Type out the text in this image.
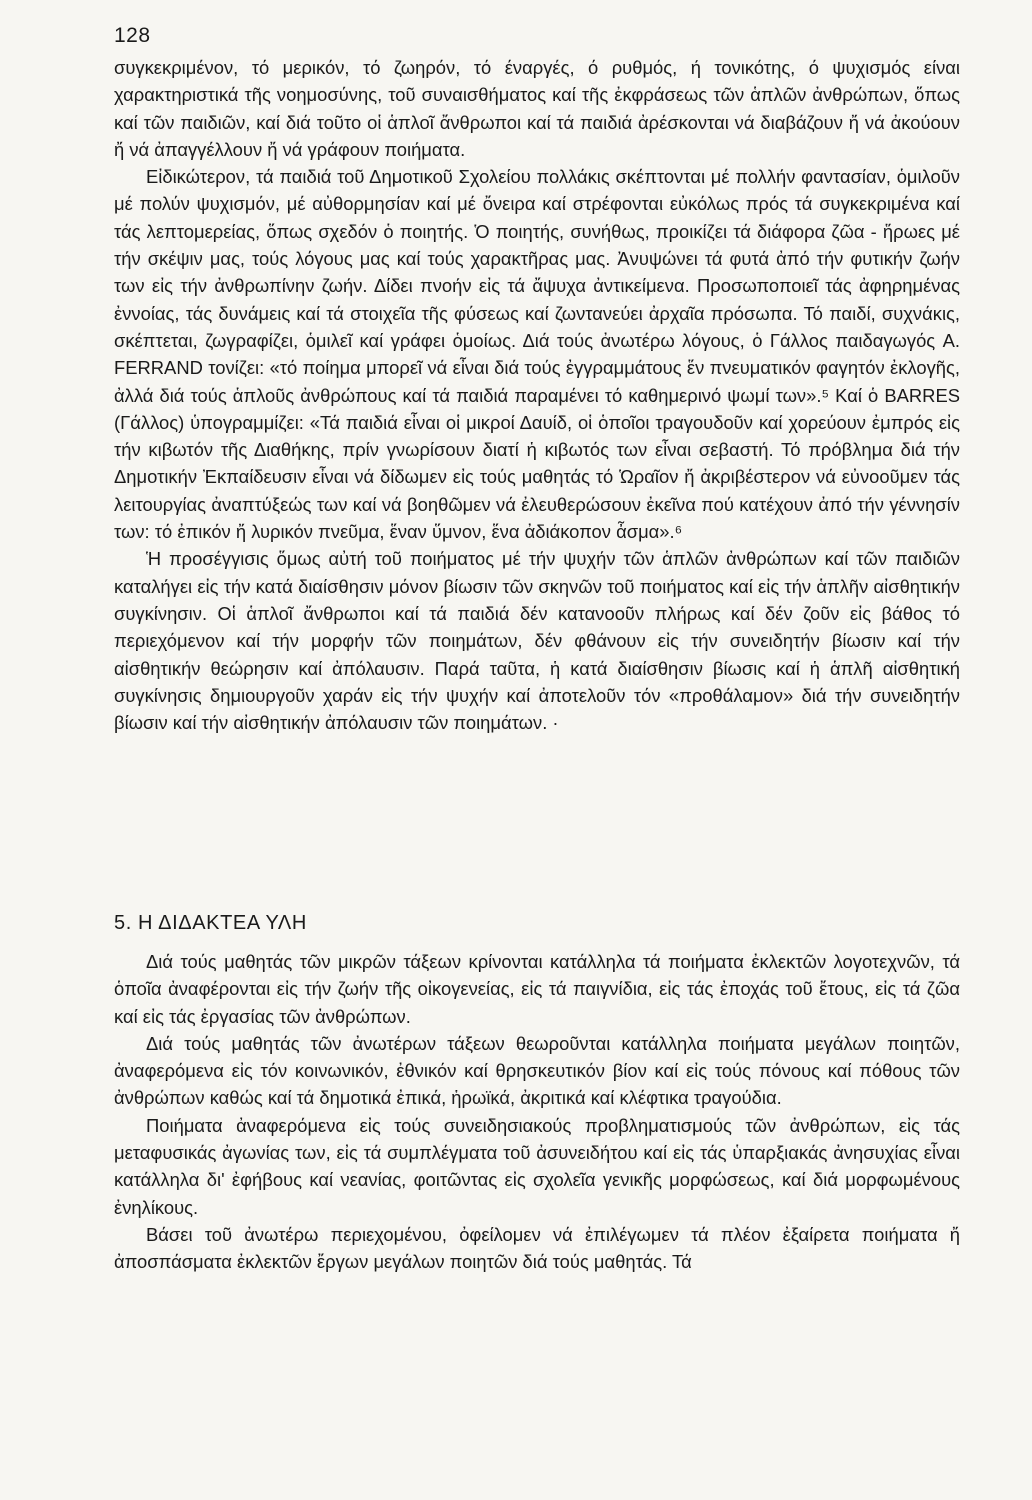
128

συγκεκριμένον, τό μερικόν, τό ζωηρόν, τό έναργές, ό ρυθμός, ή τονικότης, ό ψυχισμός είναι χαρακτηριστικά τῆς νοημοσύνης, τοῦ συναισθήματος καί τῆς ἐκφράσεως τῶν ἁπλῶν ἀνθρώπων, ὅπως καί τῶν παιδιῶν, καί διά τοῦτο οἱ ἁπλοῖ ἄνθρωποι καί τά παιδιά ἀρέσκονται νά διαβάζουν ἤ νά ἀκούουν ἤ νά ἀπαγγέλλουν ἤ νά γράφουν ποιήματα.

Εἰδικώτερον, τά παιδιά τοῦ Δημοτικοῦ Σχολείου πολλάκις σκέπτονται μέ πολλήν φαντασίαν, ὁμιλοῦν μέ πολύν ψυχισμόν, μέ αὐθορμησίαν καί μέ ὄνειρα καί στρέφονται εὐκόλως πρός τά συγκεκριμένα καί τάς λεπτομερείας, ὅπως σχεδόν ὁ ποιητής. Ὁ ποιητής, συνήθως, προικίζει τά διάφορα ζῶα - ἥρωες μέ τήν σκέψιν μας, τούς λόγους μας καί τούς χαρακτῆρας μας. Ἀνυψώνει τά φυτά ἀπό τήν φυτικήν ζωήν των εἰς τήν ἀνθρωπίνην ζωήν. Δίδει πνοήν εἰς τά ἄψυχα ἀντικείμενα. Προσωποποιεῖ τάς ἀφηρημένας ἐννοίας, τάς δυνάμεις καί τά στοιχεῖα τῆς φύσεως καί ζωντανεύει ἀρχαῖα πρόσωπα. Τό παιδί, συχνάκις, σκέπτεται, ζωγραφίζει, ὁμιλεῖ καί γράφει ὁμοίως. Διά τούς ἀνωτέρω λόγους, ὁ Γάλλος παιδαγωγός A. FERRAND τονίζει: «τό ποίημα μπορεῖ νά εἶναι διά τούς ἐγγραμμάτους ἕν πνευματικόν φαγητόν ἐκλογῆς, ἀλλά διά τούς ἁπλοῦς ἀνθρώπους καί τά παιδιά παραμένει τό καθημερινό ψωμί των».⁵ Καί ὁ BARRES (Γάλλος) ὑπογραμμίζει: «Τά παιδιά εἶναι οἱ μικροί Δαυίδ, οἱ ὁποῖοι τραγουδοῦν καί χορεύουν ἐμπρός εἰς τήν κιβωτόν τῆς Διαθήκης, πρίν γνωρίσουν διατί ἡ κιβωτός των εἶναι σεβαστή. Τό πρόβλημα διά τήν Δημοτικήν Ἐκπαίδευσιν εἶναι νά δίδωμεν εἰς τούς μαθητάς τό Ὡραῖον ἤ ἀκριβέστερον νά εὐνοοῦμεν τάς λειτουργίας ἀναπτύξεώς των καί νά βοηθῶμεν νά ἐλευθερώσουν ἐκεῖνα πού κατέχουν ἀπό τήν γέννησίν των: τό ἐπικόν ἤ λυρικόν πνεῦμα, ἕναν ὕμνον, ἕνα ἀδιάκοπον ἆσμα».⁶

Ἡ προσέγγισις ὅμως αὐτή τοῦ ποιήματος μέ τήν ψυχήν τῶν ἁπλῶν ἀνθρώπων καί τῶν παιδιῶν καταλήγει εἰς τήν κατά διαίσθησιν μόνον βίωσιν τῶν σκηνῶν τοῦ ποιήματος καί εἰς τήν ἁπλῆν αἰσθητικήν συγκίνησιν. Οἱ ἁπλοῖ ἄνθρωποι καί τά παιδιά δέν κατανοοῦν πλήρως καί δέν ζοῦν εἰς βάθος τό περιεχόμενον καί τήν μορφήν τῶν ποιημάτων, δέν φθάνουν εἰς τήν συνειδητήν βίωσιν καί τήν αἰσθητικήν θεώρησιν καί ἀπόλαυσιν. Παρά ταῦτα, ἡ κατά διαίσθησιν βίωσις καί ἡ ἁπλῆ αἰσθητική συγκίνησις δημιουργοῦν χαράν εἰς τήν ψυχήν καί ἀποτελοῦν τόν «προθάλαμον» διά τήν συνειδητήν βίωσιν καί τήν αἰσθητικήν ἀπόλαυσιν τῶν ποιημάτων. ·

5. Η ΔΙΔΑΚΤΕΑ ΥΛΗ

Διά τούς μαθητάς τῶν μικρῶν τάξεων κρίνονται κατάλληλα τά ποιήματα ἐκλεκτῶν λογοτεχνῶν, τά ὁποῖα ἀναφέρονται εἰς τήν ζωήν τῆς οἰκογενείας, εἰς τά παιγνίδια, εἰς τάς ἐποχάς τοῦ ἔτους, εἰς τά ζῶα καί εἰς τάς ἐργασίας τῶν ἀνθρώπων.

Διά τούς μαθητάς τῶν ἀνωτέρων τάξεων θεωροῦνται κατάλληλα ποιήματα μεγάλων ποιητῶν, ἀναφερόμενα εἰς τόν κοινωνικόν, ἐθνικόν καί θρησκευτικόν βίον καί εἰς τούς πόνους καί πόθους τῶν ἀνθρώπων καθώς καί τά δημοτικά ἐπικά, ἡρωϊκά, ἀκριτικά καί κλέφτικα τραγούδια.

Ποιήματα ἀναφερόμενα εἰς τούς συνειδησιακούς προβληματισμούς τῶν ἀνθρώπων, εἰς τάς μεταφυσικάς ἀγωνίας των, εἰς τά συμπλέγματα τοῦ ἀσυνειδήτου καί εἰς τάς ὑπαρξιακάς ἀνησυχίας εἶναι κατάλληλα δι' ἐφήβους καί νεανίας, φοιτῶντας εἰς σχολεῖα γενικῆς μορφώσεως, καί διά μορφωμένους ἐνηλίκους.

Βάσει τοῦ ἀνωτέρω περιεχομένου, ὀφείλομεν νά ἐπιλέγωμεν τά πλέον ἐξαίρετα ποιήματα ἤ ἀποσπάσματα ἐκλεκτῶν ἔργων μεγάλων ποιητῶν διά τούς μαθητάς. Τά
